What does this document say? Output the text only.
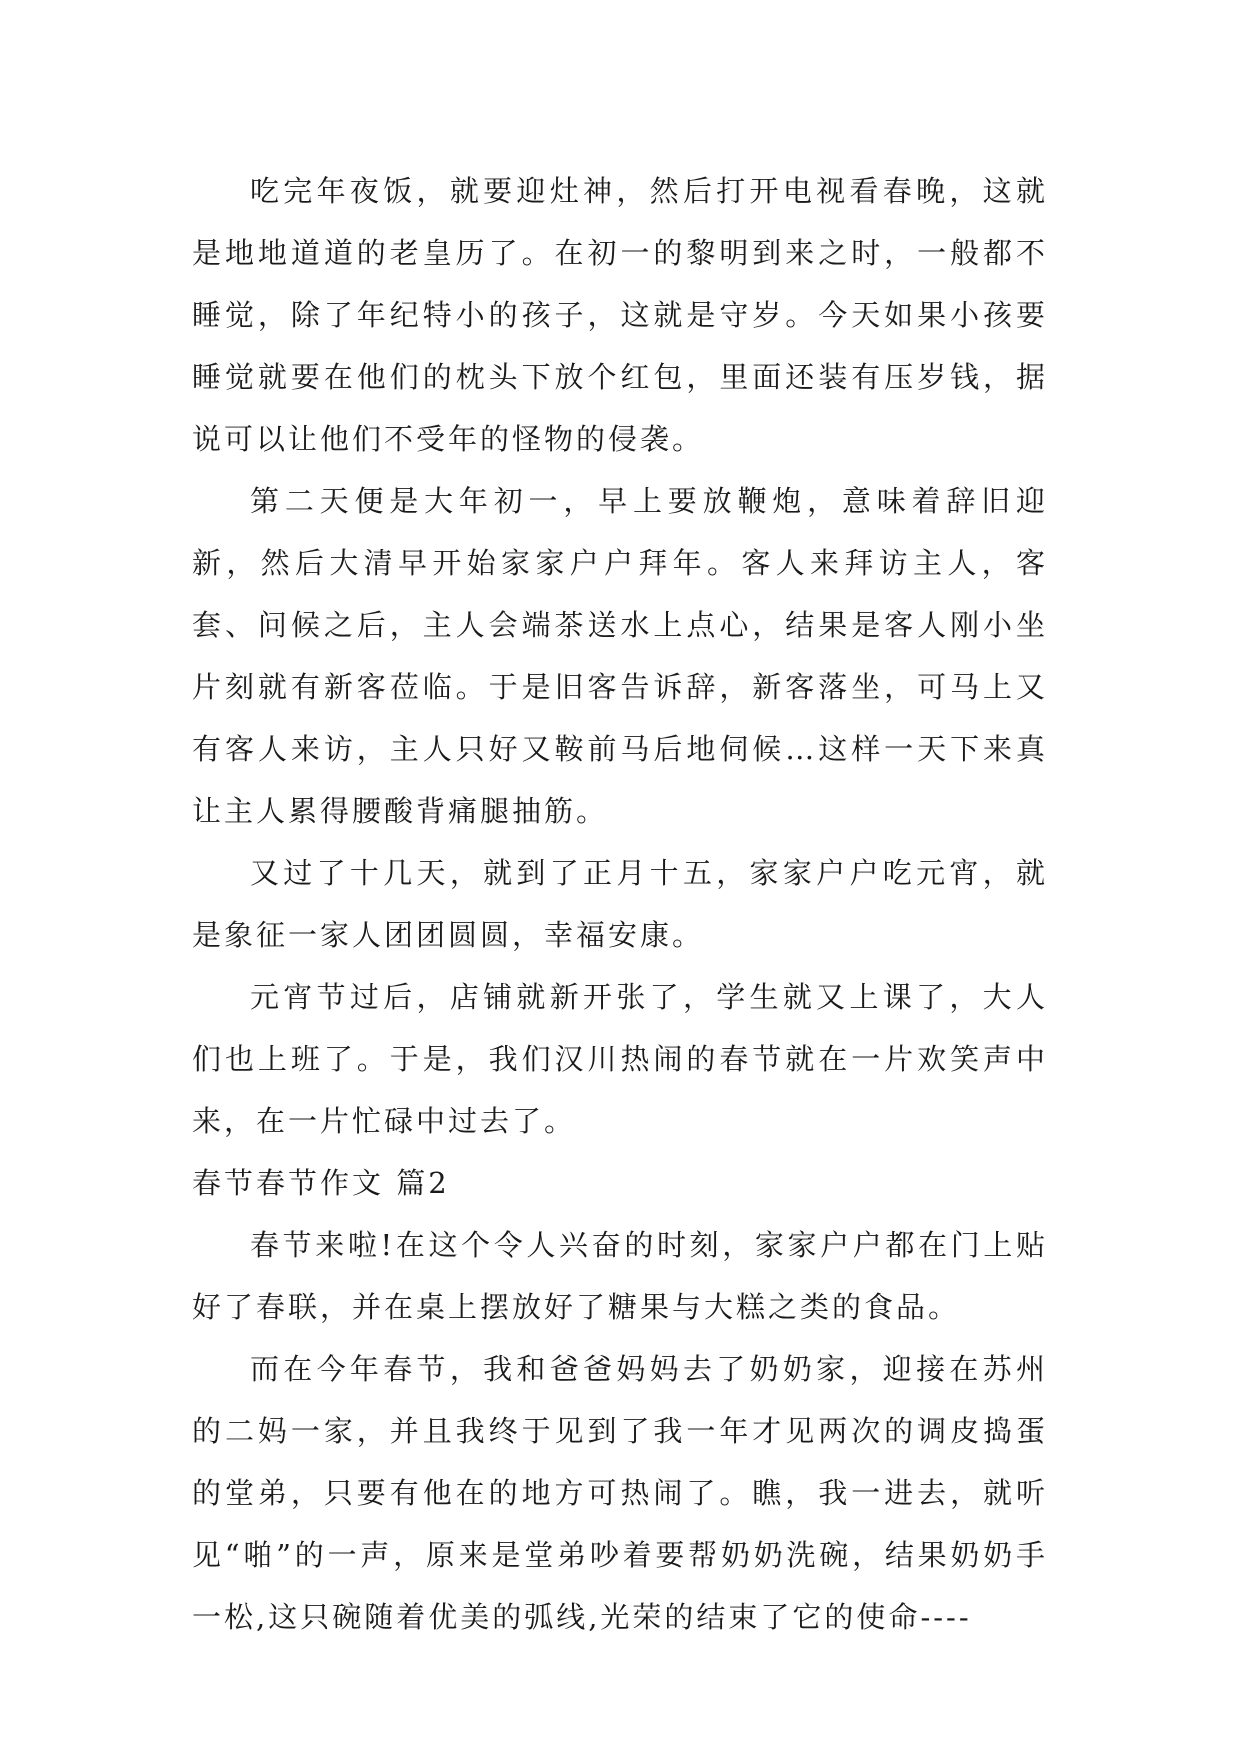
吃完年夜饭，就要迎灶神，然后打开电视看春晚，这就是地地道道的老皇历了。在初一的黎明到来之时，一般都不睡觉，除了年纪特小的孩子，这就是守岁。今天如果小孩要睡觉就要在他们的枕头下放个红包，里面还装有压岁钱，据说可以让他们不受年的怪物的侵袭。

第二天便是大年初一，早上要放鞭炮，意味着辞旧迎新，然后大清早开始家家户户拜年。客人来拜访主人，客套、问候之后，主人会端茶送水上点心，结果是客人刚小坐片刻就有新客莅临。于是旧客告诉辞，新客落坐，可马上又有客人来访，主人只好又鞍前马后地伺候…这样一天下来真让主人累得腰酸背痛腿抽筋。

又过了十几天，就到了正月十五，家家户户吃元宵，就是象征一家人团团圆圆，幸福安康。

元宵节过后，店铺就新开张了，学生就又上课了，大人们也上班了。于是，我们汉川热闹的春节就在一片欢笑声中来，在一片忙碌中过去了。

春节春节作文 篇2

春节来啦!在这个令人兴奋的时刻，家家户户都在门上贴好了春联，并在桌上摆放好了糖果与大糕之类的食品。

而在今年春节，我和爸爸妈妈去了奶奶家，迎接在苏州的二妈一家，并且我终于见到了我一年才见两次的调皮捣蛋的堂弟，只要有他在的地方可热闹了。瞧，我一进去，就听见“啪”的一声，原来是堂弟吵着要帮奶奶洗碗，结果奶奶手一松,这只碗随着优美的弧线,光荣的结束了它的使命----
